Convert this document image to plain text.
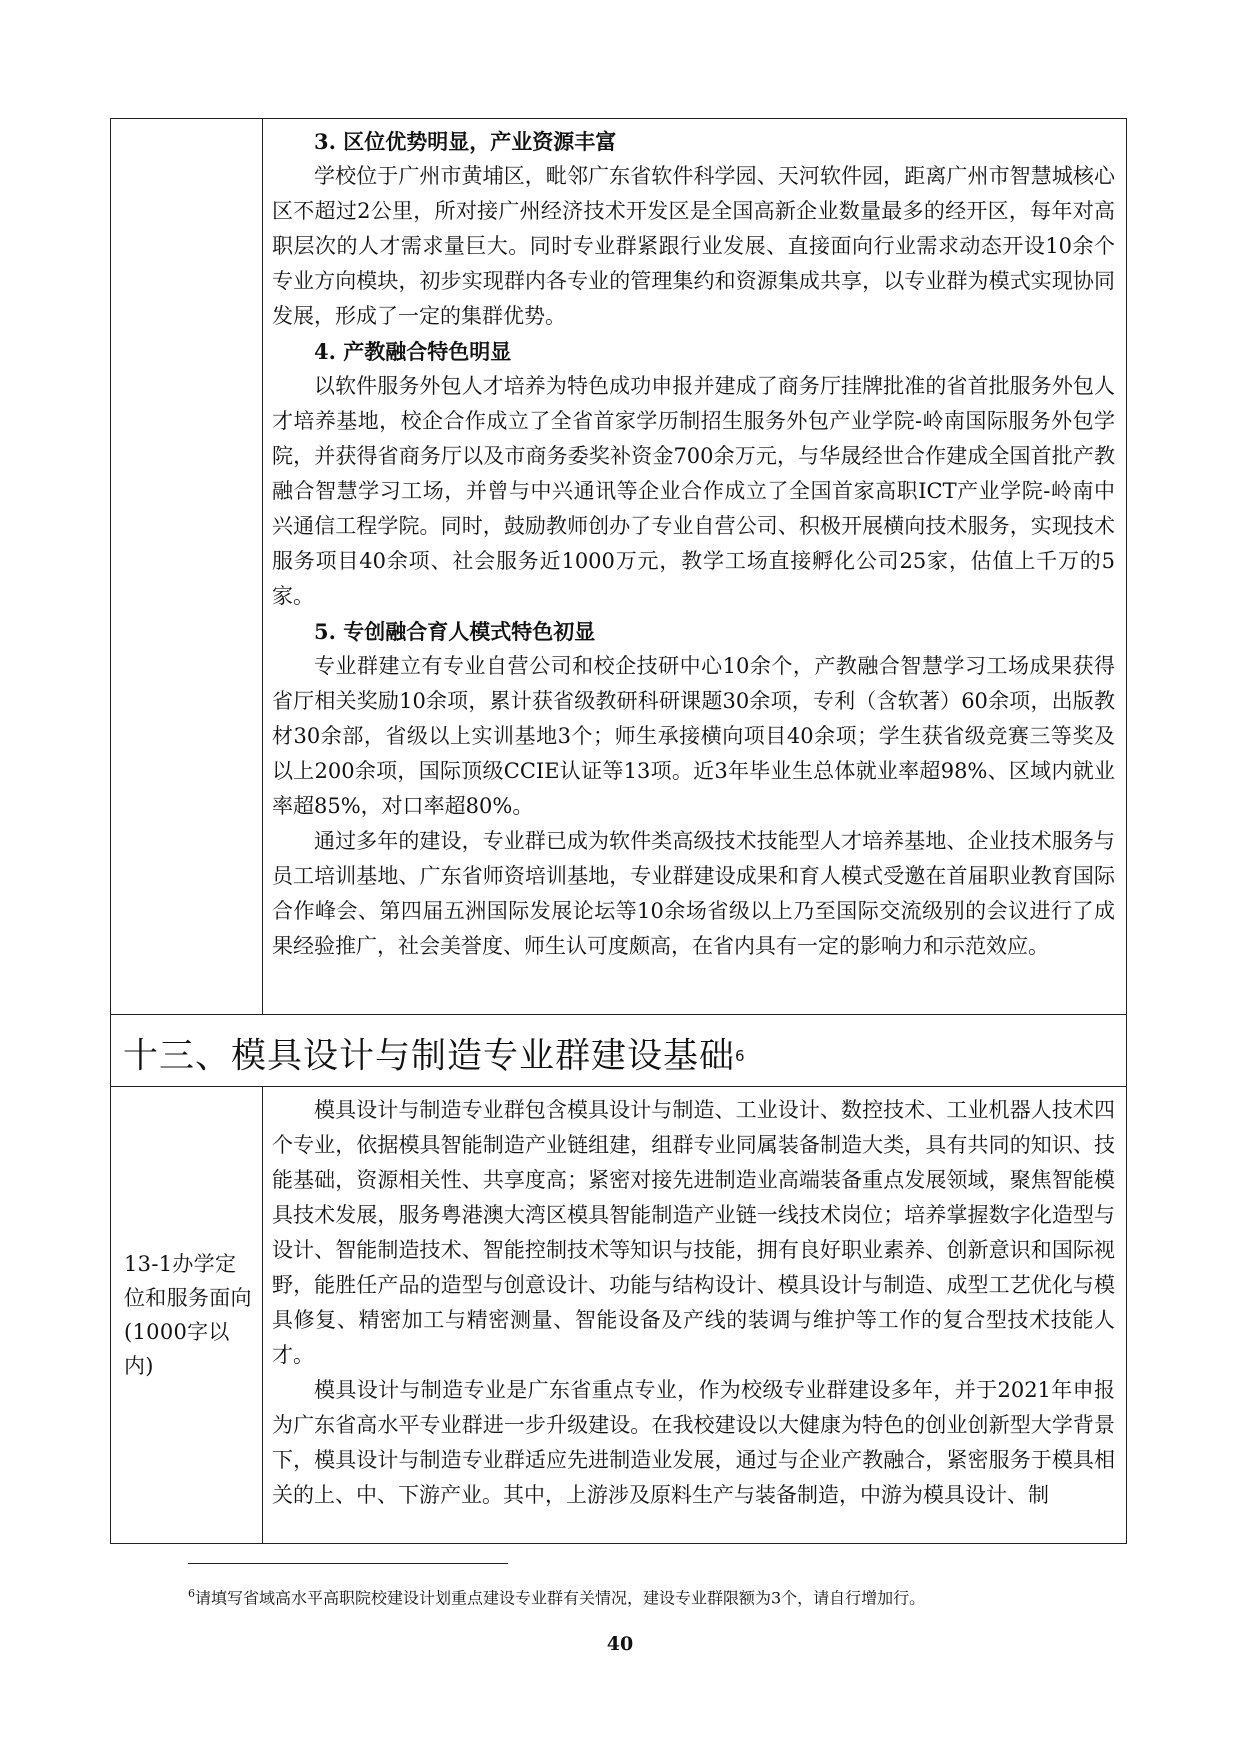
3. 区位优势明显，产业资源丰富

学校位于广州市黄埔区，毗邻广东省软件科学园、天河软件园，距离广州市智慧城核心区不超过2公里，所对接广州经济技术开发区是全国高新企业数量最多的经开区，每年对高职层次的人才需求量巨大。同时专业群紧跟行业发展、直接面向行业需求动态开设10余个专业方向模块，初步实现群内各专业的管理集约和资源集成共享，以专业群为模式实现协同发展，形成了一定的集群优势。

4. 产教融合特色明显

以软件服务外包人才培养为特色成功申报并建成了商务厅挂牌批准的省首批服务外包人才培养基地，校企合作成立了全省首家学历制招生服务外包产业学院-岭南国际服务外包学院，并获得省商务厅以及市商务委奖补资金700余万元，与华晟经世合作建成全国首批产教融合智慧学习工场，并曾与中兴通讯等企业合作成立了全国首家高职ICT产业学院-岭南中兴通信工程学院。同时，鼓励教师创办了专业自营公司、积极开展横向技术服务，实现技术服务项目40余项、社会服务近1000万元，教学工场直接孵化公司25家，估值上千万的5家。

5. 专创融合育人模式特色初显

专业群建立有专业自营公司和校企技研中心10余个，产教融合智慧学习工场成果获得省厅相关奖励10余项，累计获省级教研科研课题30余项，专利（含软著）60余项，出版教材30余部，省级以上实训基地3个；师生承接横向项目40余项；学生获省级竞赛三等奖及以上200余项，国际顶级CCIE认证等13项。近3年毕业生总体就业率超98%、区域内就业率超85%，对口率超80%。

通过多年的建设，专业群已成为软件类高级技术技能型人才培养基地、企业技术服务与员工培训基地、广东省师资培训基地，专业群建设成果和育人模式受邀在首届职业教育国际合作峰会、第四届五洲国际发展论坛等10余场省级以上乃至国际交流级别的会议进行了成果经验推广，社会美誉度、师生认可度颇高，在省内具有一定的影响力和示范效应。

十三、模具设计与制造专业群建设基础$^6$
13-1办学定位和服务面向(1000字以内)

模具设计与制造专业群包含模具设计与制造、工业设计、数控技术、工业机器人技术四个专业，依据模具智能制造产业链组建，组群专业同属装备制造大类，具有共同的知识、技能基础，资源相关性、共享度高；紧密对接先进制造业高端装备重点发展领域，聚焦智能模具技术发展，服务粤港澳大湾区模具智能制造产业链一线技术岗位；培养掌握数字化造型与设计、智能制造技术、智能控制技术等知识与技能，拥有良好职业素养、创新意识和国际视野，能胜任产品的造型与创意设计、功能与结构设计、模具设计与制造、成型工艺优化与模具修复、精密加工与精密测量、智能设备及产线的装调与维护等工作的复合型技术技能人才。

模具设计与制造专业是广东省重点专业，作为校级专业群建设多年，并于2021年申报为广东省高水平专业群进一步升级建设。在我校建设以大健康为特色的创业创新型大学背景下，模具设计与制造专业群适应先进制造业发展，通过与企业产教融合，紧密服务于模具相关的上、中、下游产业。其中，上游涉及原料生产与装备制造，中游为模具设计、制

$^6$请填写省域高水平高职院校建设计划重点建设专业群有关情况，建设专业群限额为3个，请自行增加行。
40
